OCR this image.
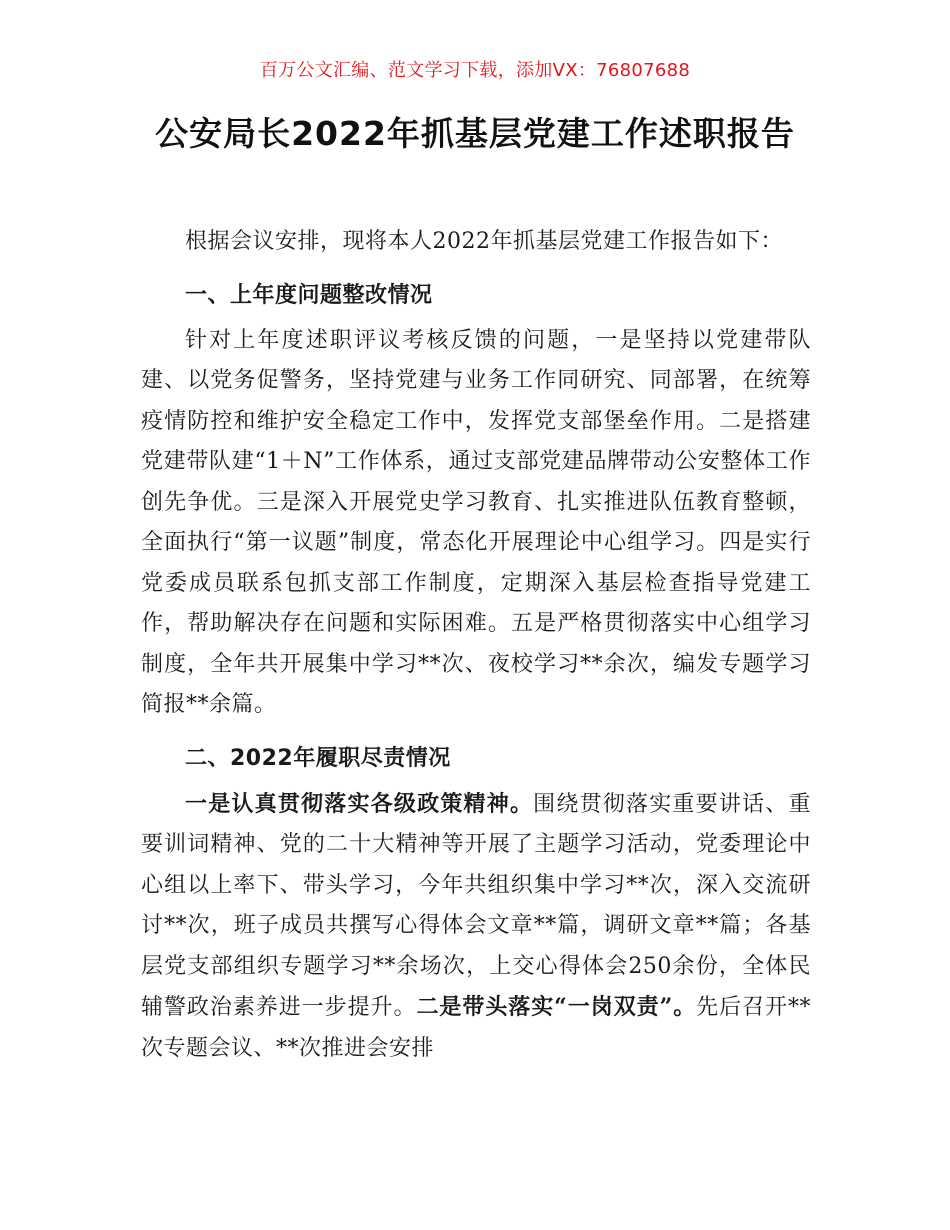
百万公文汇编、范文学习下载，添加VX：76807688
公安局长2022年抓基层党建工作述职报告

根据会议安排，现将本人2022年抓基层党建工作报告如下：

一、上年度问题整改情况

针对上年度述职评议考核反馈的问题，一是坚持以党建带队建、以党务促警务，坚持党建与业务工作同研究、同部署，在统筹疫情防控和维护安全稳定工作中，发挥党支部堡垒作用。二是搭建党建带队建“1＋N”工作体系，通过支部党建品牌带动公安整体工作创先争优。三是深入开展党史学习教育、扎实推进队伍教育整顿，全面执行“第一议题”制度，常态化开展理论中心组学习。四是实行党委成员联系包抓支部工作制度，定期深入基层检查指导党建工作，帮助解决存在问题和实际困难。五是严格贯彻落实中心组学习制度，全年共开展集中学习**次、夜校学习**余次，编发专题学习简报**余篇。

二、2022年履职尽责情况

一是认真贯彻落实各级政策精神。围绕贯彻落实重要讲话、重要训词精神、党的二十大精神等开展了主题学习活动，党委理论中心组以上率下、带头学习，今年共组织集中学习**次，深入交流研讨**次，班子成员共撰写心得体会文章**篇，调研文章**篇；各基层党支部组织专题学习**余场次，上交心得体会250余份，全体民辅警政治素养进一步提升。二是带头落实“一岗双责”。先后召开**次专题会议、**次推进会安排
